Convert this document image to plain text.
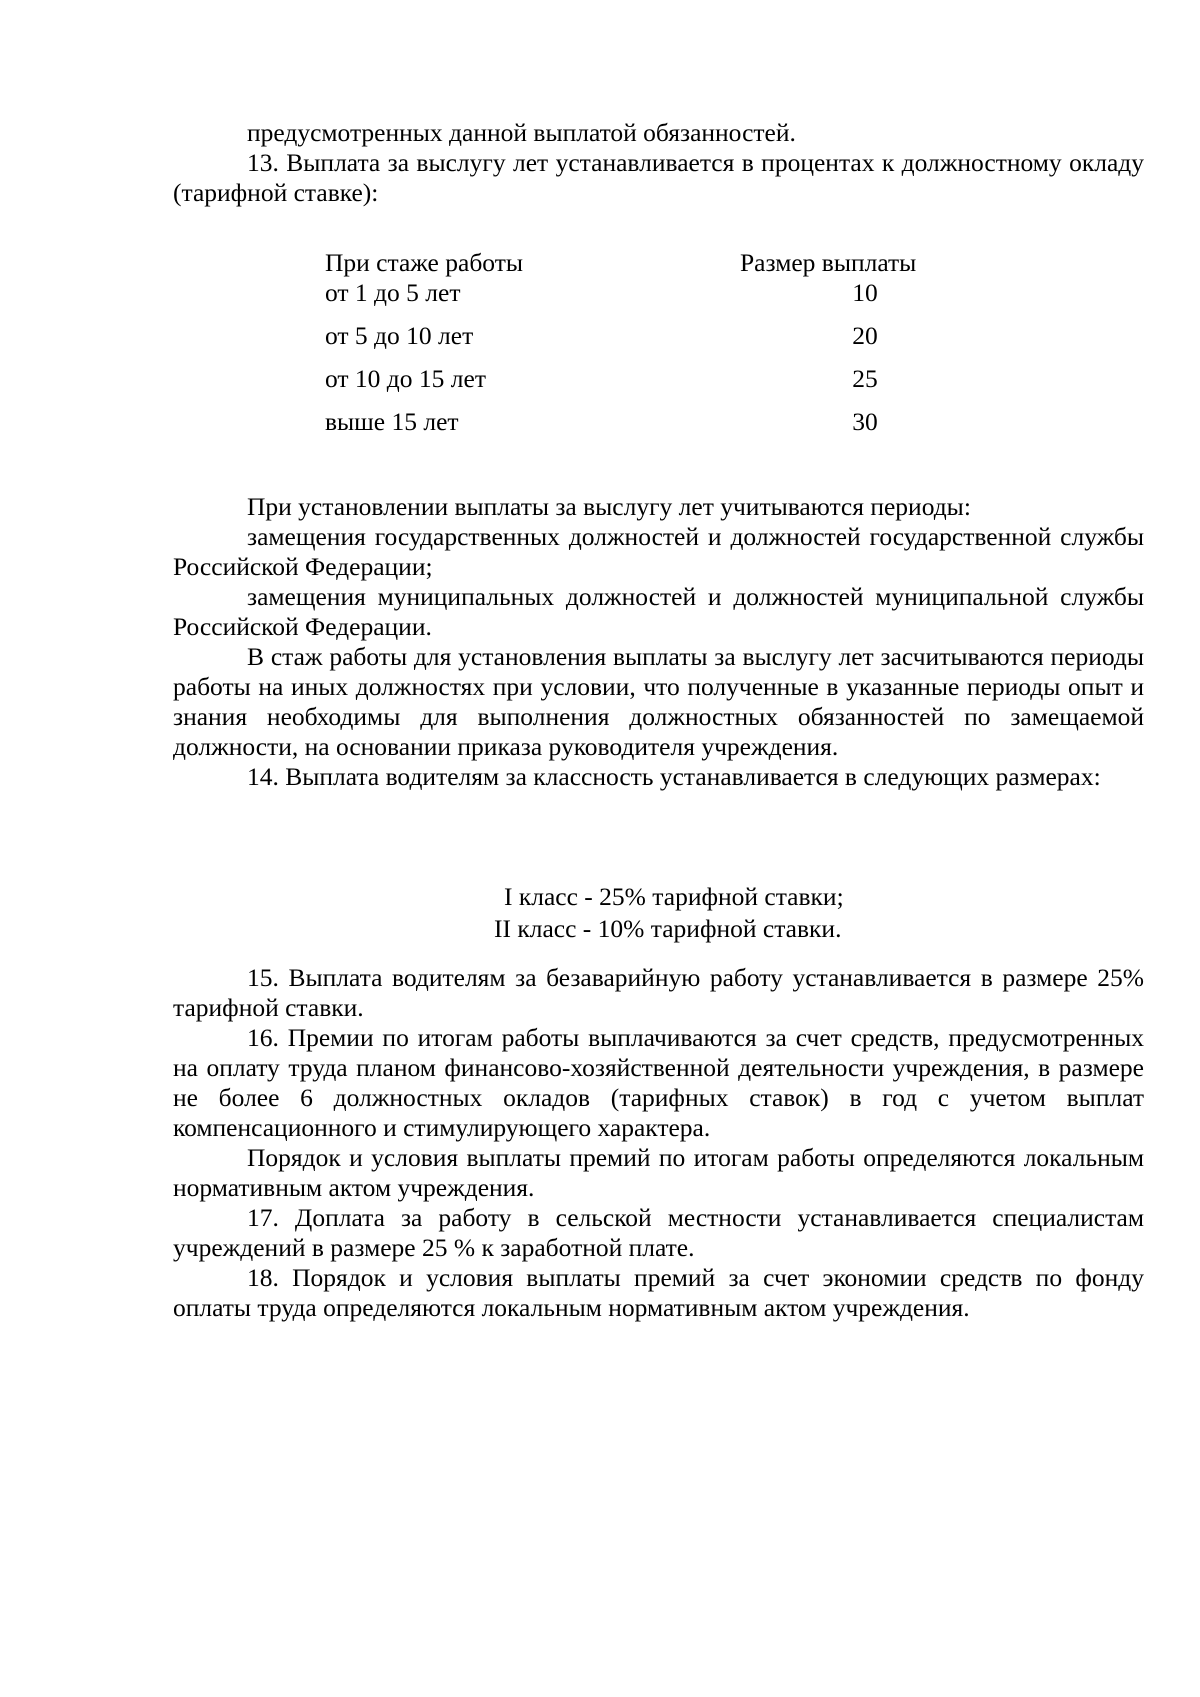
предусмотренных данной выплатой обязанностей.

13. Выплата за выслугу лет устанавливается в процентах к должностному окладу (тарифной ставке):

При стаже работы	Размер выплаты
от 1 до 5 лет	10
от 5 до 10 лет	20
от 10 до 15 лет	25
выше 15 лет	30

При установлении выплаты за выслугу лет учитываются периоды:

замещения государственных должностей и должностей государственной службы Российской Федерации;

замещения муниципальных должностей и должностей муниципальной службы Российской Федерации.

В стаж работы для установления выплаты за выслугу лет засчитываются периоды работы на иных должностях при условии, что полученные в указанные периоды опыт и знания необходимы для выполнения должностных обязанностей по замещаемой должности, на основании приказа руководителя учреждения.

14. Выплата водителям за классность устанавливается в следующих размерах:

I класс - 25% тарифной ставки;
II класс - 10% тарифной ставки.

15. Выплата водителям за безаварийную работу устанавливается в размере 25% тарифной ставки.

16. Премии по итогам работы выплачиваются за счет средств, предусмотренных на оплату труда планом финансово-хозяйственной деятельности учреждения, в размере не более 6 должностных окладов (тарифных ставок) в год с учетом выплат компенсационного и стимулирующего характера.

Порядок и условия выплаты премий по итогам работы определяются локальным нормативным актом учреждения.

17. Доплата за работу в сельской местности устанавливается специалистам учреждений в размере 25 % к заработной плате.

18. Порядок и условия выплаты премий за счет экономии средств по фонду оплаты труда определяются локальным нормативным актом учреждения.
